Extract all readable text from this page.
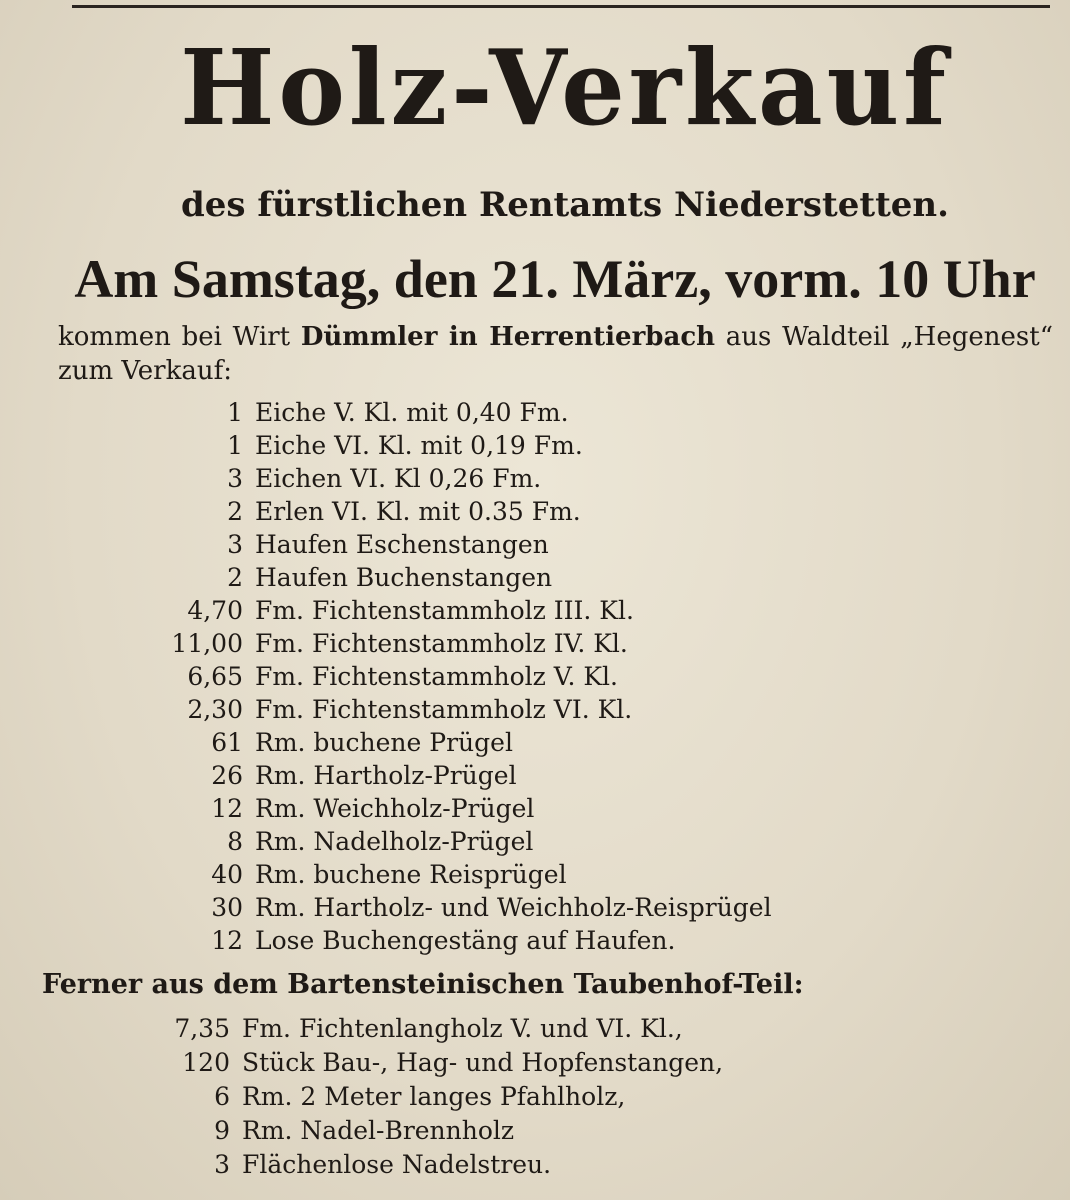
Holz-Verkauf
des fürstlichen Rentamts Niederstetten.
Am Samstag, den 21. März, vorm. 10 Uhr
kommen bei Wirt Dümmler in Herrentierbach aus Waldteil „Hegenest“ zum Verkauf:
1 Eiche V. Kl. mit 0,40 Fm.
1 Eiche VI. Kl. mit 0,19 Fm.
3 Eichen VI. Kl 0,26 Fm.
2 Erlen VI. Kl. mit 0.35 Fm.
3 Haufen Eschenstangen
2 Haufen Buchenstangen
4,70 Fm. Fichtenstammholz III. Kl.
11,00 Fm. Fichtenstammholz IV. Kl.
6,65 Fm. Fichtenstammholz V. Kl.
2,30 Fm. Fichtenstammholz VI. Kl.
61 Rm. buchene Prügel
26 Rm. Hartholz-Prügel
12 Rm. Weichholz-Prügel
8 Rm. Nadelholz-Prügel
40 Rm. buchene Reisprügel
30 Rm. Hartholz- und Weichholz-Reisprügel
12 Lose Buchengestäng auf Haufen.
Ferner aus dem Bartensteinischen Taubenhof-Teil:
7,35 Fm. Fichtenlangholz V. und VI. Kl.,
120 Stück Bau-, Hag- und Hopfenstangen,
6 Rm. 2 Meter langes Pfahlholz,
9 Rm. Nadel-Brennholz
3 Flächenlose Nadelstreu.
